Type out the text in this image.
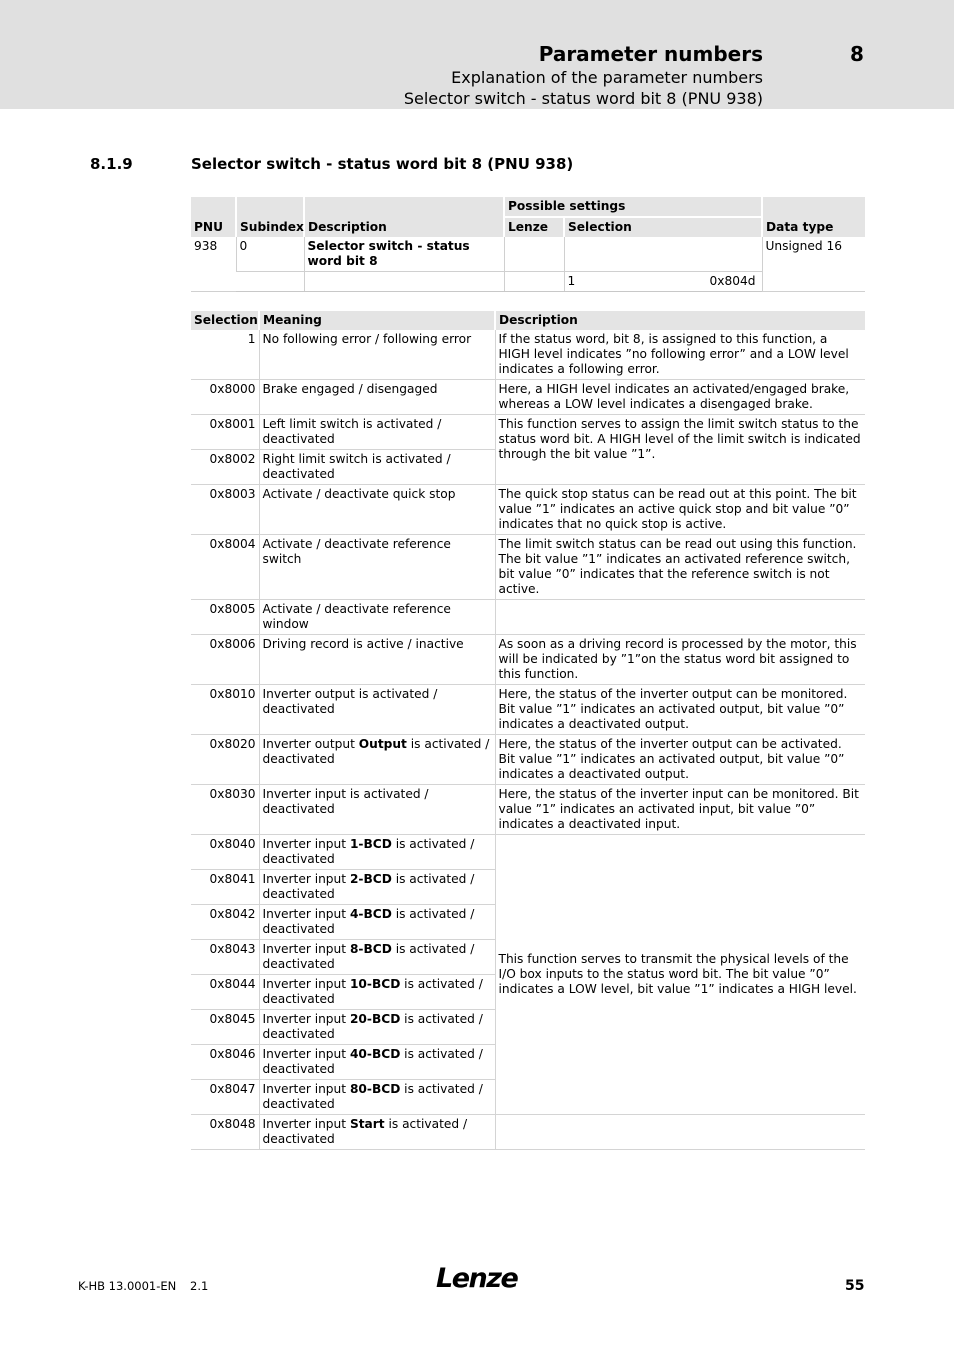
Parameter numbers	8
Explanation of the parameter numbers
Selector switch - status word bit 8 (PNU 938)
8.1.9	Selector switch - status word bit 8 (PNU 938)
PNU	Subindex	Description	Possible settings		Data type
			Lenze	Selection	
938	0	Selector switch - status word bit 8			Unsigned 16
				1 0x804d	
Selection	Meaning	Description
1	No following error / following error	If the status word, bit 8, is assigned to this function, a HIGH level indicates ”no following error” and a LOW level indicates a following error.
0x8000	Brake engaged / disengaged	Here, a HIGH level indicates an activated/engaged brake, whereas a LOW level indicates a disengaged brake.
0x8001	Left limit switch is activated / deactivated	This function serves to assign the limit switch status to the status word bit. A HIGH level of the limit switch is indicated through the bit value ”1”.
0x8002	Right limit switch is activated / deactivated	
0x8003	Activate / deactivate quick stop	The quick stop status can be read out at this point. The bit value ”1” indicates an active quick stop and bit value ”0” indicates that no quick stop is active.
0x8004	Activate / deactivate reference switch	The limit switch status can be read out using this function. The bit value ”1” indicates an activated reference switch, bit value ”0” indicates that the reference switch is not active.
0x8005	Activate / deactivate reference window	
0x8006	Driving record is active / inactive	As soon as a driving record is processed by the motor, this will be indicated by ”1”on the status word bit assigned to this function.
0x8010	Inverter output is activated / deactivated	Here, the status of the inverter output can be monitored. Bit value ”1” indicates an activated output, bit value ”0” indicates a deactivated output.
0x8020	Inverter output Output is activated / deactivated	Here, the status of the inverter output can be activated. Bit value ”1” indicates an activated output, bit value ”0” indicates a deactivated output.
0x8030	Inverter input is activated / deactivated	Here, the status of the inverter input can be monitored. Bit value ”1” indicates an activated input, bit value ”0” indicates a deactivated input.
0x8040	Inverter input 1-BCD is activated / deactivated	This function serves to transmit the physical levels of the I/O box inputs to the status word bit. The bit value ”0” indicates a LOW level, bit value ”1” indicates a HIGH level.
0x8041	Inverter input 2-BCD is activated / deactivated	
0x8042	Inverter input 4-BCD is activated / deactivated	
0x8043	Inverter input 8-BCD is activated / deactivated	
0x8044	Inverter input 10-BCD is activated / deactivated	
0x8045	Inverter input 20-BCD is activated / deactivated	
0x8046	Inverter input 40-BCD is activated / deactivated	
0x8047	Inverter input 80-BCD is activated / deactivated	
0x8048	Inverter input Start is activated / deactivated	
K-HB 13.0001-EN 2.1	Lenze	55
